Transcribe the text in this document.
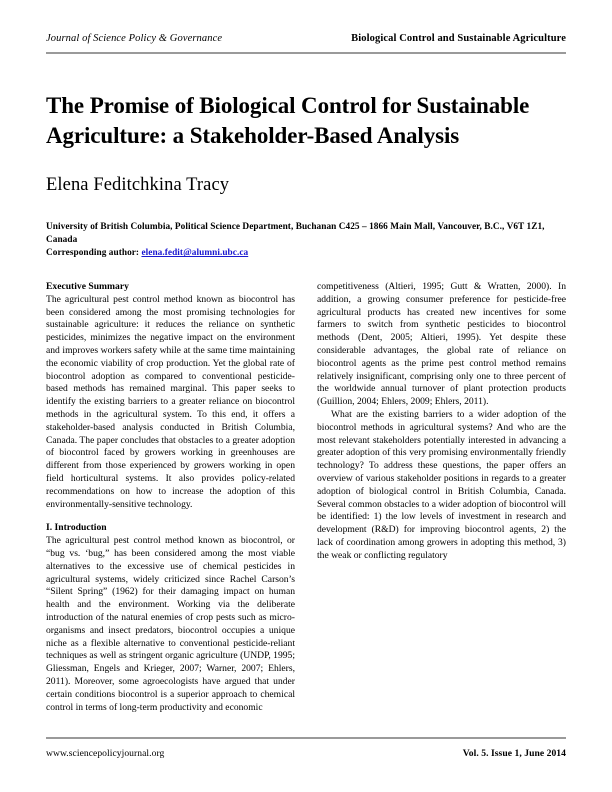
Journal of Science Policy & Governance	Biological Control and Sustainable Agriculture
The Promise of Biological Control for Sustainable Agriculture: a Stakeholder-Based Analysis
Elena Feditchkina Tracy
University of British Columbia, Political Science Department, Buchanan C425 – 1866 Main Mall, Vancouver, B.C., V6T 1Z1, Canada
Corresponding author: elena.fedit@alumni.ubc.ca
Executive Summary

The agricultural pest control method known as biocontrol has been considered among the most promising technologies for sustainable agriculture: it reduces the reliance on synthetic pesticides, minimizes the negative impact on the environment and improves workers safety while at the same time maintaining the economic viability of crop production. Yet the global rate of biocontrol adoption as compared to conventional pesticide-based methods has remained marginal. This paper seeks to identify the existing barriers to a greater reliance on biocontrol methods in the agricultural system. To this end, it offers a stakeholder-based analysis conducted in British Columbia, Canada. The paper concludes that obstacles to a greater adoption of biocontrol faced by growers working in greenhouses are different from those experienced by growers working in open field horticultural systems. It also provides policy-related recommendations on how to increase the adoption of this environmentally-sensitive technology.

I. Introduction

The agricultural pest control method known as biocontrol, or “bug vs. ‘bug,” has been considered among the most viable alternatives to the excessive use of chemical pesticides in agricultural systems, widely criticized since Rachel Carson’s “Silent Spring” (1962) for their damaging impact on human health and the environment. Working via the deliberate introduction of the natural enemies of crop pests such as micro-organisms and insect predators, biocontrol occupies a unique niche as a flexible alternative to conventional pesticide-reliant techniques as well as stringent organic agriculture (UNDP, 1995; Gliessman, Engels and Krieger, 2007; Warner, 2007; Ehlers, 2011). Moreover, some agroecologists have argued that under certain conditions biocontrol is a superior approach to chemical control in terms of long-term productivity and economic

competitiveness (Altieri, 1995; Gutt & Wratten, 2000). In addition, a growing consumer preference for pesticide-free agricultural products has created new incentives for some farmers to switch from synthetic pesticides to biocontrol methods (Dent, 2005; Altieri, 1995). Yet despite these considerable advantages, the global rate of reliance on biocontrol agents as the prime pest control method remains relatively insignificant, comprising only one to three percent of the worldwide annual turnover of plant protection products (Guillion, 2004; Ehlers, 2009; Ehlers, 2011).

What are the existing barriers to a wider adoption of the biocontrol methods in agricultural systems? And who are the most relevant stakeholders potentially interested in advancing a greater adoption of this very promising environmentally friendly technology? To address these questions, the paper offers an overview of various stakeholder positions in regards to a greater adoption of biological control in British Columbia, Canada. Several common obstacles to a wider adoption of biocontrol will be identified: 1) the low levels of investment in research and development (R&D) for improving biocontrol agents, 2) the lack of coordination among growers in adopting this method, 3) the weak or conflicting regulatory

www.sciencepolicyjournal.org	Vol. 5. Issue 1, June 2014
